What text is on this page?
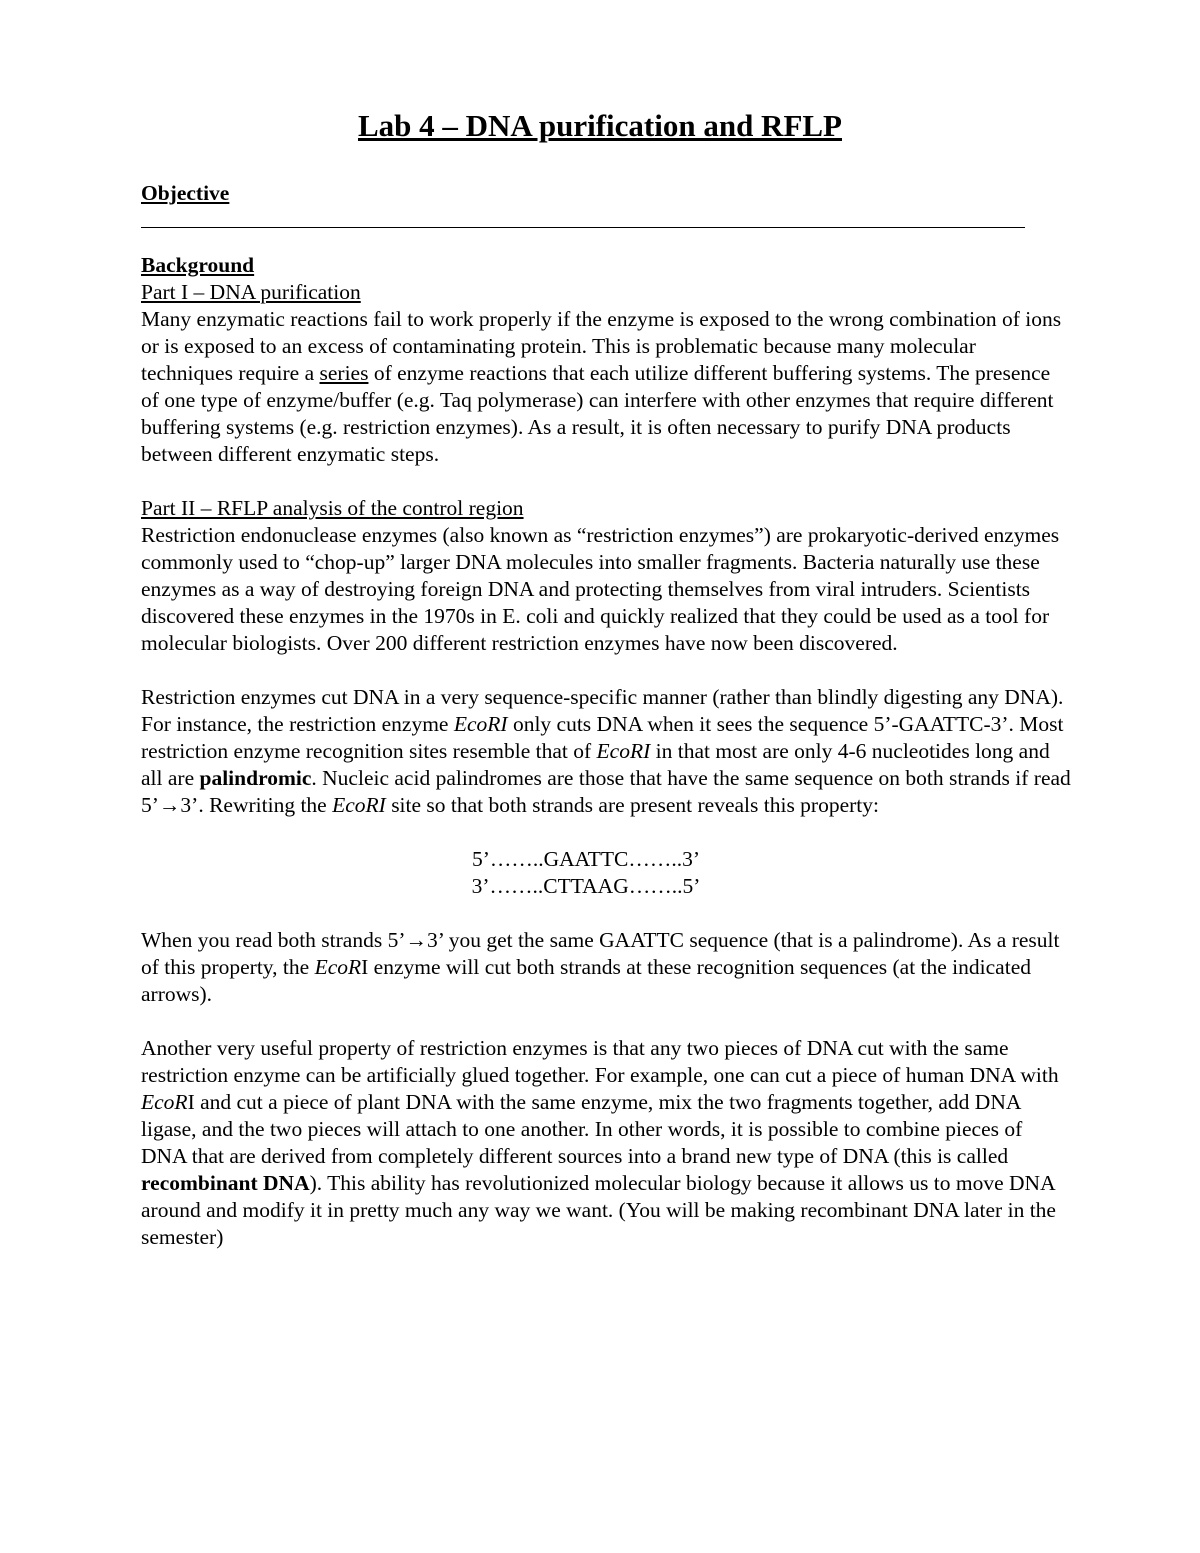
Lab 4 – DNA purification and RFLP
Objective
Background
Part I – DNA purification

Many enzymatic reactions fail to work properly if the enzyme is exposed to the wrong combination of ions or is exposed to an excess of contaminating protein. This is problematic because many molecular techniques require a series of enzyme reactions that each utilize different buffering systems. The presence of one type of enzyme/buffer (e.g. Taq polymerase) can interfere with other enzymes that require different buffering systems (e.g. restriction enzymes). As a result, it is often necessary to purify DNA products between different enzymatic steps.

Part II – RFLP analysis of the control region

Restriction endonuclease enzymes (also known as “restriction enzymes”) are prokaryotic-derived enzymes commonly used to “chop-up” larger DNA molecules into smaller fragments. Bacteria naturally use these enzymes as a way of destroying foreign DNA and protecting themselves from viral intruders. Scientists discovered these enzymes in the 1970s in E. coli and quickly realized that they could be used as a tool for molecular biologists. Over 200 different restriction enzymes have now been discovered.

Restriction enzymes cut DNA in a very sequence-specific manner (rather than blindly digesting any DNA). For instance, the restriction enzyme EcoRI only cuts DNA when it sees the sequence 5’-GAATTC-3’. Most restriction enzyme recognition sites resemble that of EcoRI in that most are only 4-6 nucleotides long and all are palindromic. Nucleic acid palindromes are those that have the same sequence on both strands if read 5’→3’. Rewriting the EcoRI site so that both strands are present reveals this property:

5’……..GAATTC……..3’
3’……..CTTAAG……..5’

When you read both strands 5’→3’ you get the same GAATTC sequence (that is a palindrome). As a result of this property, the EcoRI enzyme will cut both strands at these recognition sequences (at the indicated arrows).

Another very useful property of restriction enzymes is that any two pieces of DNA cut with the same restriction enzyme can be artificially glued together. For example, one can cut a piece of human DNA with EcoRI and cut a piece of plant DNA with the same enzyme, mix the two fragments together, add DNA ligase, and the two pieces will attach to one another. In other words, it is possible to combine pieces of DNA that are derived from completely different sources into a brand new type of DNA (this is called recombinant DNA). This ability has revolutionized molecular biology because it allows us to move DNA around and modify it in pretty much any way we want. (You will be making recombinant DNA later in the semester)
